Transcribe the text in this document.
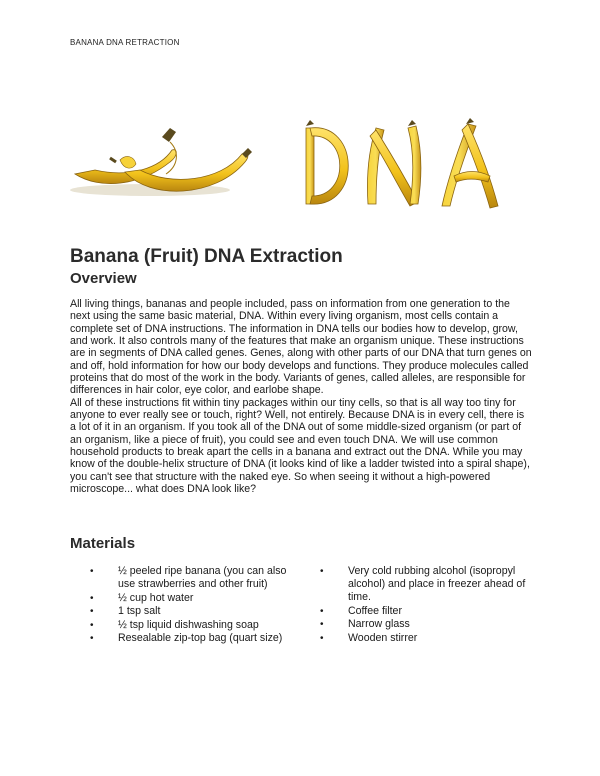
BANANA DNA RETRACTION
Banana (Fruit) DNA Extraction
Overview

All living things, bananas and people included, pass on information from one generation to the next using the same basic material, DNA. Within every living organism, most cells contain a complete set of DNA instructions. The information in DNA tells our bodies how to develop, grow, and work. It also controls many of the features that make an organism unique. These instructions are in segments of DNA called genes. Genes, along with other parts of our DNA that turn genes on and off, hold information for how our body develops and functions. They produce molecules called proteins that do most of the work in the body. Variants of genes, called alleles, are responsible for differences in hair color, eye color, and earlobe shape.

All of these instructions fit within tiny packages within our tiny cells, so that is all way too tiny for anyone to ever really see or touch, right? Well, not entirely. Because DNA is in every cell, there is a lot of it in an organism. If you took all of the DNA out of some middle-sized organism (or part of an organism, like a piece of fruit), you could see and even touch DNA. We will use common household products to break apart the cells in a banana and extract out the DNA. While you may know of the double-helix structure of DNA (it looks kind of like a ladder twisted into a spiral shape), you can't see that structure with the naked eye. So when seeing it without a high-powered microscope... what does DNA look like?

Materials
• ½ peeled ripe banana (you can also use strawberries and other fruit)
• ½ cup hot water
• 1 tsp salt
• ½ tsp liquid dishwashing soap
• Resealable zip-top bag (quart size)
• Very cold rubbing alcohol (isopropyl alcohol) and place in freezer ahead of time.
• Coffee filter
• Narrow glass
• Wooden stirrer
